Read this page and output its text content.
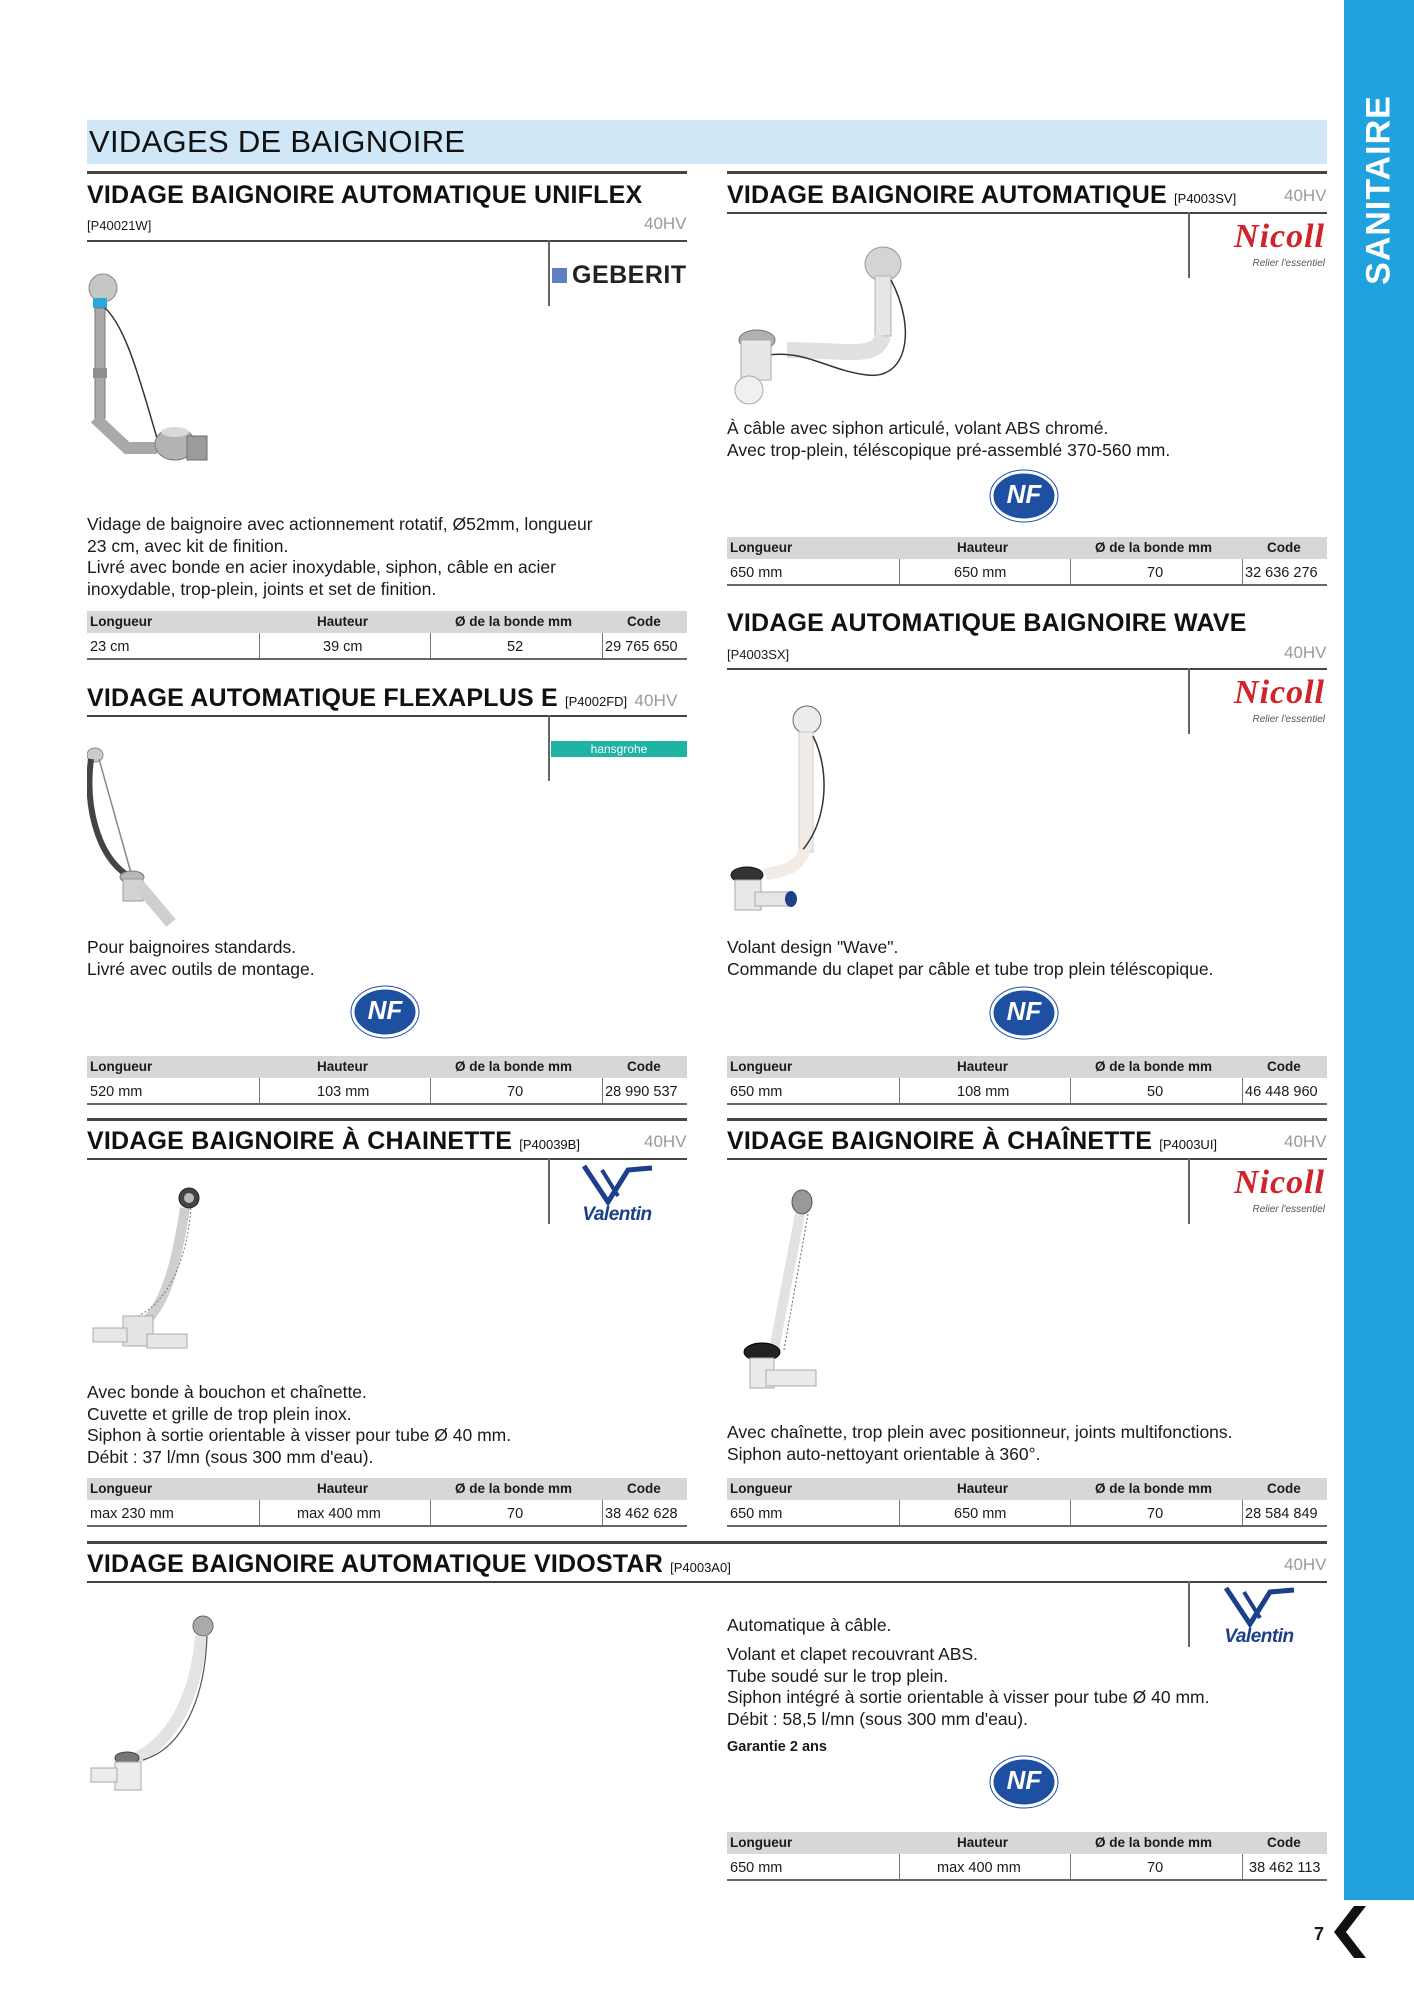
SANITAIRE
7
VIDAGES DE BAIGNOIRE
VIDAGE BAIGNOIRE AUTOMATIQUE UNIFLEX
[P40021W]	40HV
GEBERIT
Vidage de baignoire avec actionnement rotatif, Ø52mm, longueur
23 cm, avec kit de finition.
Livré avec bonde en acier inoxydable, siphon, câble en acier
inoxydable, trop-plein, joints et set de finition.
Longueur	Hauteur	Ø de la bonde mm	Code
23 cm	39 cm	52	29 765 650
VIDAGE BAIGNOIRE AUTOMATIQUE [P4003SV]	40HV
Nicoll
Relier l'essentiel
À câble avec siphon articulé, volant ABS chromé.
Avec trop-plein, téléscopique pré-assemblé 370-560 mm.
NF
Longueur	Hauteur	Ø de la bonde mm	Code
650 mm	650 mm	70	32 636 276
VIDAGE AUTOMATIQUE FLEXAPLUS E [P4002FD] 40HV
hansgrohe
Pour baignoires standards.
Livré avec outils de montage.
NF
Longueur	Hauteur	Ø de la bonde mm	Code
520 mm	103 mm	70	28 990 537
VIDAGE AUTOMATIQUE BAIGNOIRE WAVE
[P4003SX]	40HV
Nicoll
Relier l'essentiel
Volant design "Wave".
Commande du clapet par câble et tube trop plein téléscopique.
NF
Longueur	Hauteur	Ø de la bonde mm	Code
650 mm	108 mm	50	46 448 960
VIDAGE BAIGNOIRE À CHAINETTE [P40039B]	40HV
Valentin
Avec bonde à bouchon et chaînette.
Cuvette et grille de trop plein inox.
Siphon à sortie orientable à visser pour tube Ø 40 mm.
Débit : 37 l/mn (sous 300 mm d'eau).
Longueur	Hauteur	Ø de la bonde mm	Code
max 230 mm	max 400 mm	70	38 462 628
VIDAGE BAIGNOIRE À CHAÎNETTE [P4003UI]	40HV
Nicoll
Relier l'essentiel
Avec chaînette, trop plein avec positionneur, joints multifonctions.
Siphon auto-nettoyant orientable à 360°.
Longueur	Hauteur	Ø de la bonde mm	Code
650 mm	650 mm	70	28 584 849
VIDAGE BAIGNOIRE AUTOMATIQUE VIDOSTAR [P4003A0]	40HV
Valentin
Automatique à câble.
Volant et clapet recouvrant ABS.
Tube soudé sur le trop plein.
Siphon intégré à sortie orientable à visser pour tube Ø 40 mm.
Débit : 58,5 l/mn (sous 300 mm d'eau).
Garantie 2 ans
NF
Longueur	Hauteur	Ø de la bonde mm	Code
650 mm	max 400 mm	70	38 462 113
